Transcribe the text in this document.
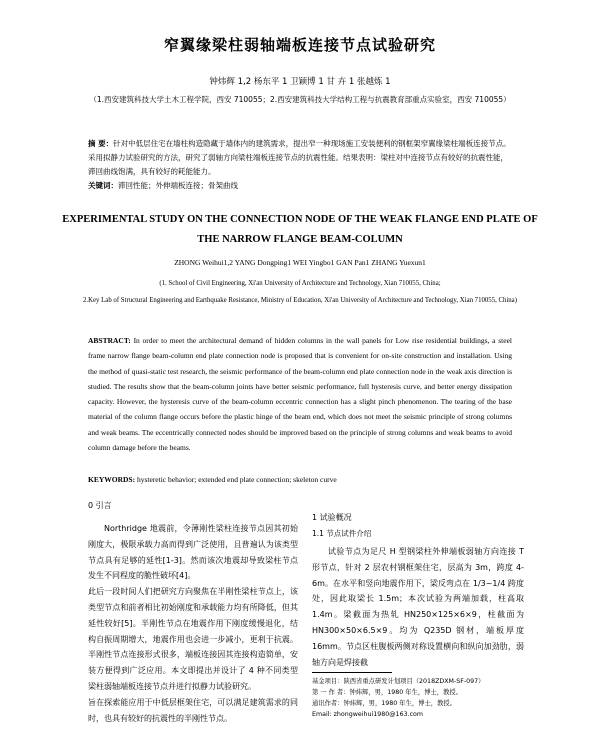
窄翼缘梁柱弱轴端板连接节点试验研究
钟炜辉 1,2 杨东平 1 卫颖博 1 甘 卉 1 张越炼 1
（1.西安建筑科技大学土木工程学院，西安 710055；2.西安建筑科技大学结构工程与抗震教育部重点实验室，西安 710055）
摘 要：针对中低层住宅在墙柱构造隐藏于墙体内的建筑需求，提出窄一种现场施工安装便利的钢框架窄翼缘梁柱端板连接节点。采用拟静力试验研究的方法，研究了弱轴方向梁柱端板连接节点的抗震性能。结果表明：梁柱对中连接节点有较好的抗震性能，滞回曲线饱满，具有较好的耗能能力。
关键词：滞回性能；外伸端板连接；骨架曲线
EXPERIMENTAL STUDY ON THE CONNECTION NODE OF THE WEAK FLANGE END PLATE OF THE NARROW FLANGE BEAM-COLUMN
ZHONG Weihui1,2 YANG Dongping1 WEI Yingbo1 GAN Pan1 ZHANG Yuexun1
(1. School of Civil Engineering, Xi'an University of Architecture and Technology, Xian 710055, China;
2.Key Lab of Structural Engineering and Earthquake Resistance, Ministry of Education, Xi'an University of Architecture and Technology, Xian 710055, China)
ABSTRACT: In order to meet the architectural demand of hidden columns in the wall panels for Low rise residential buildings, a steel frame narrow flange beam-column end plate connection node is proposed that is convenient for on-site construction and installation. Using the method of quasi-static test research, the seismic performance of the beam-column end plate connection node in the weak axis direction is studied. The results show that the beam-column joints have better seismic performance, full hysteresis curve, and better energy dissipation capacity. However, the hysteresis curve of the beam-column eccentric connection has a slight pinch phenomenon. The tearing of the base material of the column flange occurs before the plastic hinge of the beam end, which does not meet the seismic principle of strong columns and weak beams. The eccentrically connected nodes should be improved based on the principle of strong columns and weak beams to avoid column damage before the beams.
KEYWORDS: hysteretic behavior; extended end plate connection; skeleton curve
0 引言

Northridge 地震前，令薄刚性梁柱连接节点因其初始刚度大，极限承载力高而得到广泛使用，且普遍认为该类型节点具有足够的延性[1-3]。然而该次地震却导致梁柱节点发生不同程度的脆性破坏[4]。

此后一段时间人们把研究方向聚焦在半刚性梁柱节点上，该类型节点和前者相比初始刚度和承载能力均有所降低，但其延性较好[5]。半刚性节点在地震作用下刚度缓慢退化，结构自振周期增大，地震作用也会进一步减小，更利于抗震。半刚性节点连接形式很多，端板连接因其连接构造简单，安装方便得到广泛应用。本文即提出并设计了 4 种不同类型梁柱弱轴端板连接节点并进行拟静力试验研究。

旨在探索能应用于中低层框架住宅，可以满足建筑需求的同时，也具有较好的抗震性的半刚性节点。

1 试验概况
1.1 节点试件介绍

试验节点为足尺 H 型钢梁柱外伸端板弱轴方向连接 T 形节点，针对 2 层农村钢框架住宅，层高为 3m，跨度 4-6m。在水平和竖向地震作用下，梁反弯点在 1/3~1/4 跨度处，因此取梁长 1.5m；本次试验为两端加载，柱高取 1.4m。梁截面为热轧 HN250×125×6×9，柱截面为 HN300×50×6.5×9。均为 Q235D 钢材，端板厚度 16mm。节点区柱腹板两侧对称设置横向和纵向加劲肋，弱轴方向是焊接截

基金项目：陕西省重点研发计划项目（2018ZDXM-SF-097）
第 一 作 者：钟炜辉，男，1980 年生，博士，教授。
通讯作者：钟炜辉，男，1980 年生，博士，教授。
Email: zhongweihui1980@163.com
